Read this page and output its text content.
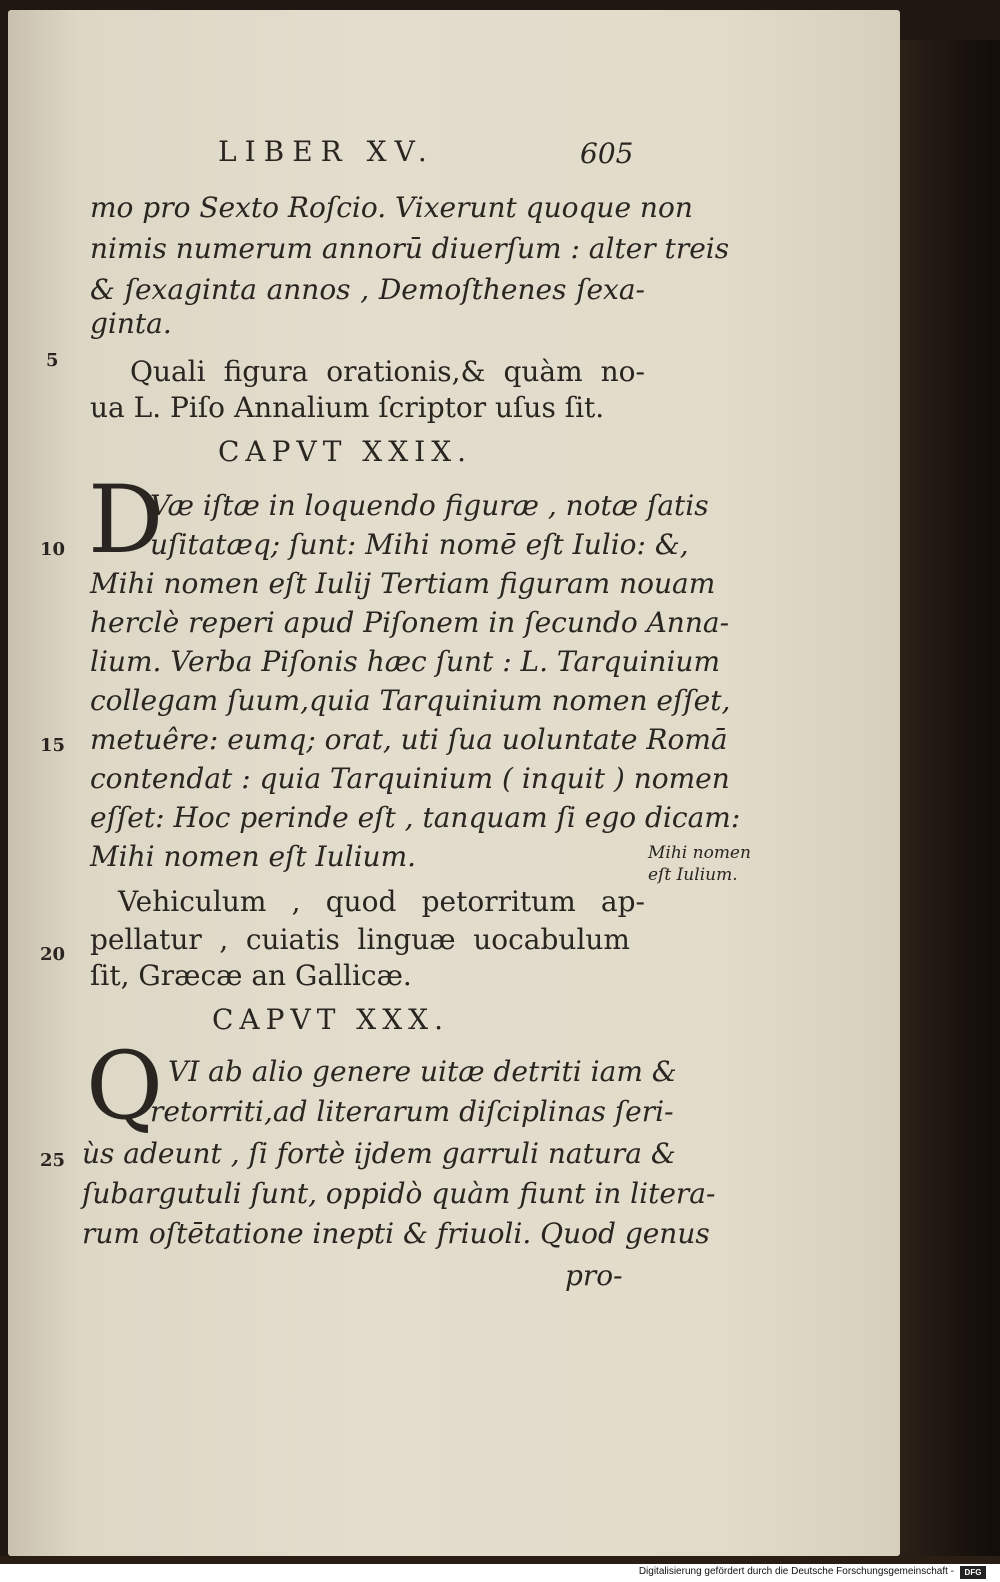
LIBER XV.	605
mo pro Sexto Roſcio. Vixerunt quoque non
nimis numerum annorū diuerſum : alter treis
& ſexaginta annos , Demoſthenes ſexa-
ginta.
Quali figura orationis,& quàm no-
ua L. Piſo Annalium ſcriptor uſus ſit.
CAPVT XXIX.
D
Væ iſtæ in loquendo figuræ , notæ ſatis
uſitatæq; ſunt: Mihi nomē eſt Iulio: &,
Mihi nomen eſt Iulij Tertiam figuram nouam
herclè reperi apud Piſonem in ſecundo Anna-
lium. Verba Piſonis hæc ſunt : L. Tarquinium
collegam ſuum,quia Tarquinium nomen eſſet,
metuêre: eumq; orat, uti ſua uoluntate Romā
contendat : quia Tarquinium ( inquit ) nomen
eſſet: Hoc perinde eſt , tanquam ſi ego dicam:
Mihi nomen eſt Iulium.	Mihi nomen
eſt Iulium.
Vehiculum , quod petorritum ap-
pellatur , cuiatis linguæ uocabulum
ſit, Græcæ an Gallicæ.
CAPVT XXX.
Q VI ab alio genere uitæ detriti iam &
retorriti,ad literarum diſciplinas ſeri-
ùs adeunt , ſi fortè ijdem garruli natura &
ſubargutuli ſunt, oppidò quàm fiunt in litera-
rum oſtētatione inepti & friuoli. Quod genus
pro-
5
10
15
20
25
Digitalisierung gefördert durch die Deutsche Forschungsgemeinschaft -	DFG
